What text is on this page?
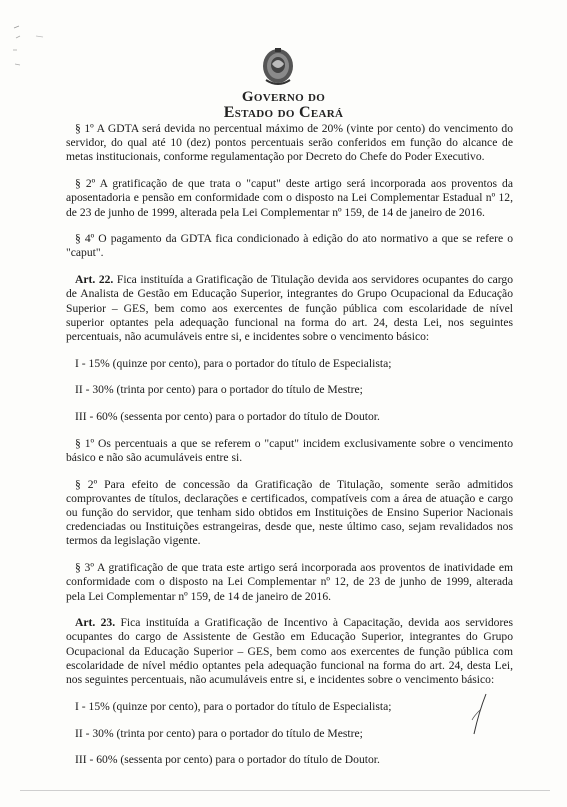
Governo do
Estado do Ceará

§ 1º A GDTA será devida no percentual máximo de 20% (vinte por cento) do vencimento do servidor, do qual até 10 (dez) pontos percentuais serão conferidos em função do alcance de metas institucionais, conforme regulamentação por Decreto do Chefe do Poder Executivo.

§ 2º A gratificação de que trata o "caput" deste artigo será incorporada aos proventos da aposentadoria e pensão em conformidade com o disposto na Lei Complementar Estadual nº 12, de 23 de junho de 1999, alterada pela Lei Complementar nº 159, de 14 de janeiro de 2016.

§ 4º O pagamento da GDTA fica condicionado à edição do ato normativo a que se refere o "caput".

Art. 22. Fica instituída a Gratificação de Titulação devida aos servidores ocupantes do cargo de Analista de Gestão em Educação Superior, integrantes do Grupo Ocupacional da Educação Superior – GES, bem como aos exercentes de função pública com escolaridade de nível superior optantes pela adequação funcional na forma do art. 24, desta Lei, nos seguintes percentuais, não acumuláveis entre si, e incidentes sobre o vencimento básico:

I - 15% (quinze por cento), para o portador do título de Especialista;

II - 30% (trinta por cento) para o portador do título de Mestre;

III - 60% (sessenta por cento) para o portador do título de Doutor.

§ 1º Os percentuais a que se referem o "caput" incidem exclusivamente sobre o vencimento básico e não são acumuláveis entre si.

§ 2º Para efeito de concessão da Gratificação de Titulação, somente serão admitidos comprovantes de títulos, declarações e certificados, compatíveis com a área de atuação e cargo ou função do servidor, que tenham sido obtidos em Instituições de Ensino Superior Nacionais credenciadas ou Instituições estrangeiras, desde que, neste último caso, sejam revalidados nos termos da legislação vigente.

§ 3º A gratificação de que trata este artigo será incorporada aos proventos de inatividade em conformidade com o disposto na Lei Complementar nº 12, de 23 de junho de 1999, alterada pela Lei Complementar nº 159, de 14 de janeiro de 2016.

Art. 23. Fica instituída a Gratificação de Incentivo à Capacitação, devida aos servidores ocupantes do cargo de Assistente de Gestão em Educação Superior, integrantes do Grupo Ocupacional da Educação Superior – GES, bem como aos exercentes de função pública com escolaridade de nível médio optantes pela adequação funcional na forma do art. 24, desta Lei, nos seguintes percentuais, não acumuláveis entre si, e incidentes sobre o vencimento básico:

I - 15% (quinze por cento), para o portador do título de Especialista;

II - 30% (trinta por cento) para o portador do título de Mestre;

III - 60% (sessenta por cento) para o portador do título de Doutor.
